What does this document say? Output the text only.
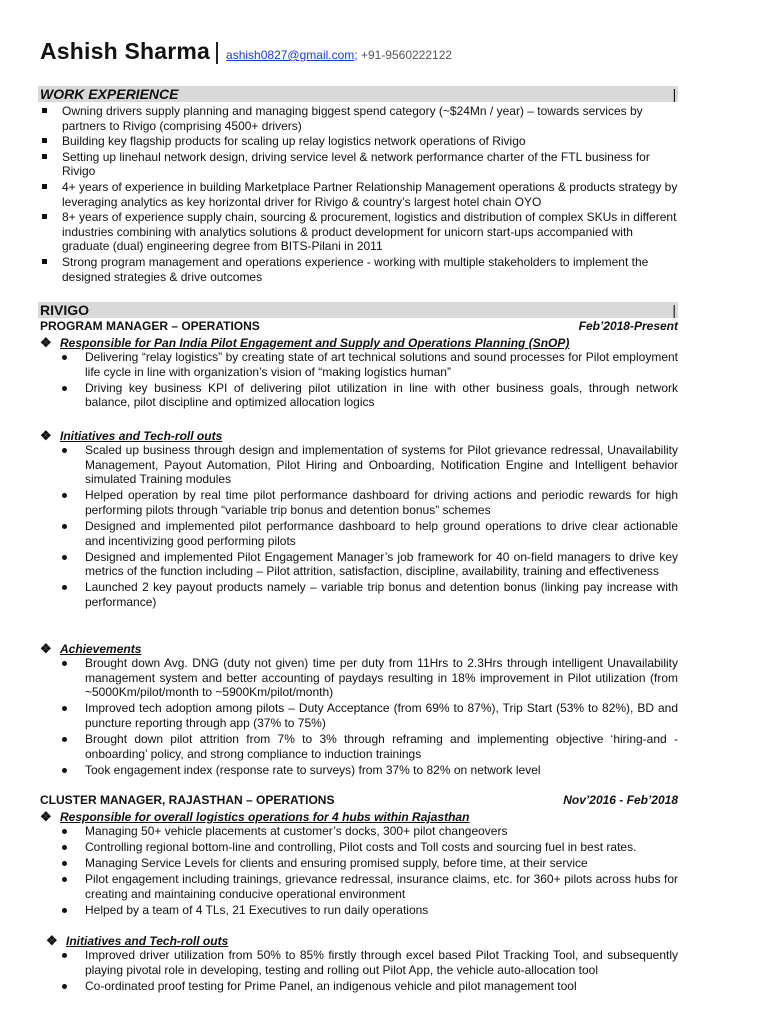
Ashish Sharma | ashish0827@gmail.com; +91-9560222122
WORK EXPERIENCE	|
Owning drivers supply planning and managing biggest spend category (~$24Mn / year) – towards services by partners to Rivigo (comprising 4500+ drivers)
Building key flagship products for scaling up relay logistics network operations of Rivigo
Setting up linehaul network design, driving service level & network performance charter of the FTL business for Rivigo
4+ years of experience in building Marketplace Partner Relationship Management operations & products strategy by leveraging analytics as key horizontal driver for Rivigo & country’s largest hotel chain OYO
8+ years of experience supply chain, sourcing & procurement, logistics and distribution of complex SKUs in different industries combining with analytics solutions & product development for unicorn start-ups accompanied with graduate (dual) engineering degree from BITS-Pilani in 2011
Strong program management and operations experience - working with multiple stakeholders to implement the designed strategies & drive outcomes
RIVIGO	|
PROGRAM MANAGER – OPERATIONS	Feb’2018-Present
❖ Responsible for Pan India Pilot Engagement and Supply and Operations Planning (SnOP)
Delivering “relay logistics” by creating state of art technical solutions and sound processes for Pilot employment life cycle in line with organization’s vision of “making logistics human”
Driving key business KPI of delivering pilot utilization in line with other business goals, through network balance, pilot discipline and optimized allocation logics
❖ Initiatives and Tech-roll outs
Scaled up business through design and implementation of systems for Pilot grievance redressal, Unavailability Management, Payout Automation, Pilot Hiring and Onboarding, Notification Engine and Intelligent behavior simulated Training modules
Helped operation by real time pilot performance dashboard for driving actions and periodic rewards for high performing pilots through “variable trip bonus and detention bonus” schemes
Designed and implemented pilot performance dashboard to help ground operations to drive clear actionable and incentivizing good performing pilots
Designed and implemented Pilot Engagement Manager’s job framework for 40 on-field managers to drive key metrics of the function including – Pilot attrition, satisfaction, discipline, availability, training and effectiveness
Launched 2 key payout products namely – variable trip bonus and detention bonus (linking pay increase with performance)
❖ Achievements
Brought down Avg. DNG (duty not given) time per duty from 11Hrs to 2.3Hrs through intelligent Unavailability management system and better accounting of paydays resulting in 18% improvement in Pilot utilization (from ~5000Km/pilot/month to ~5900Km/pilot/month)
Improved tech adoption among pilots – Duty Acceptance (from 69% to 87%), Trip Start (53% to 82%), BD and puncture reporting through app (37% to 75%)
Brought down pilot attrition from 7% to 3% through reframing and implementing objective ‘hiring-and - onboarding’ policy, and strong compliance to induction trainings
Took engagement index (response rate to surveys) from 37% to 82% on network level
CLUSTER MANAGER, RAJASTHAN – OPERATIONS	Nov’2016 - Feb’2018
❖ Responsible for overall logistics operations for 4 hubs within Rajasthan
Managing 50+ vehicle placements at customer’s docks, 300+ pilot changeovers
Controlling regional bottom-line and controlling, Pilot costs and Toll costs and sourcing fuel in best rates.
Managing Service Levels for clients and ensuring promised supply, before time, at their service
Pilot engagement including trainings, grievance redressal, insurance claims, etc. for 360+ pilots across hubs for creating and maintaining conducive operational environment
Helped by a team of 4 TLs, 21 Executives to run daily operations
❖ Initiatives and Tech-roll outs
Improved driver utilization from 50% to 85% firstly through excel based Pilot Tracking Tool, and subsequently playing pivotal role in developing, testing and rolling out Pilot App, the vehicle auto-allocation tool
Co-ordinated proof testing for Prime Panel, an indigenous vehicle and pilot management tool
